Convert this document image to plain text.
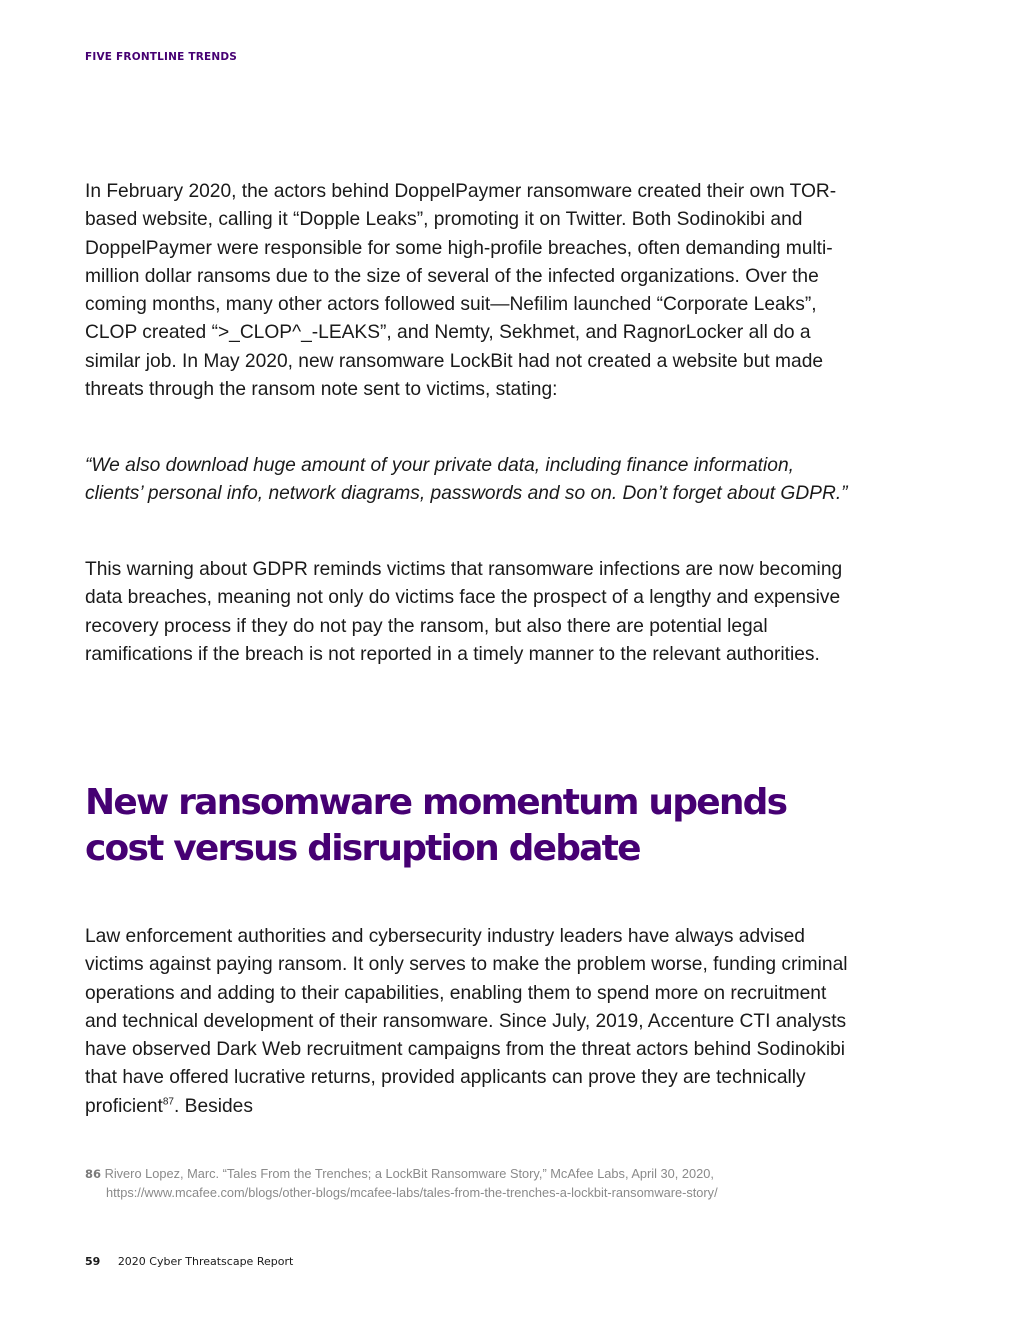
FIVE FRONTLINE TRENDS

In February 2020, the actors behind DoppelPaymer ransomware created their own TOR-based website, calling it “Dopple Leaks”, promoting it on Twitter. Both Sodinokibi and DoppelPaymer were responsible for some high-profile breaches, often demanding multi-million dollar ransoms due to the size of several of the infected organizations. Over the coming months, many other actors followed suit—Nefilim launched “Corporate Leaks”, CLOP created “>_CLOP^_-LEAKS”, and Nemty, Sekhmet, and RagnorLocker all do a similar job. In May 2020, new ransomware LockBit had not created a website but made threats through the ransom note sent to victims, stating:

“We also download huge amount of your private data, including finance information, clients’ personal info, network diagrams, passwords and so on. Don’t forget about GDPR.”

This warning about GDPR reminds victims that ransomware infections are now becoming data breaches, meaning not only do victims face the prospect of a lengthy and expensive recovery process if they do not pay the ransom, but also there are potential legal ramifications if the breach is not reported in a timely manner to the relevant authorities.

New ransomware momentum upends
cost versus disruption debate

Law enforcement authorities and cybersecurity industry leaders have always advised victims against paying ransom. It only serves to make the problem worse, funding criminal operations and adding to their capabilities, enabling them to spend more on recruitment and technical development of their ransomware. Since July, 2019, Accenture CTI analysts have observed Dark Web recruitment campaigns from the threat actors behind Sodinokibi that have offered lucrative returns, provided applicants can prove they are technically proficient$^{87}$. Besides

86 Rivero Lopez, Marc. “Tales From the Trenches; a LockBit Ransomware Story,” McAfee Labs, April 30, 2020,
https://www.mcafee.com/blogs/other-blogs/mcafee-labs/tales-from-the-trenches-a-lockbit-ransomware-story/
59 2020 Cyber Threatscape Report
